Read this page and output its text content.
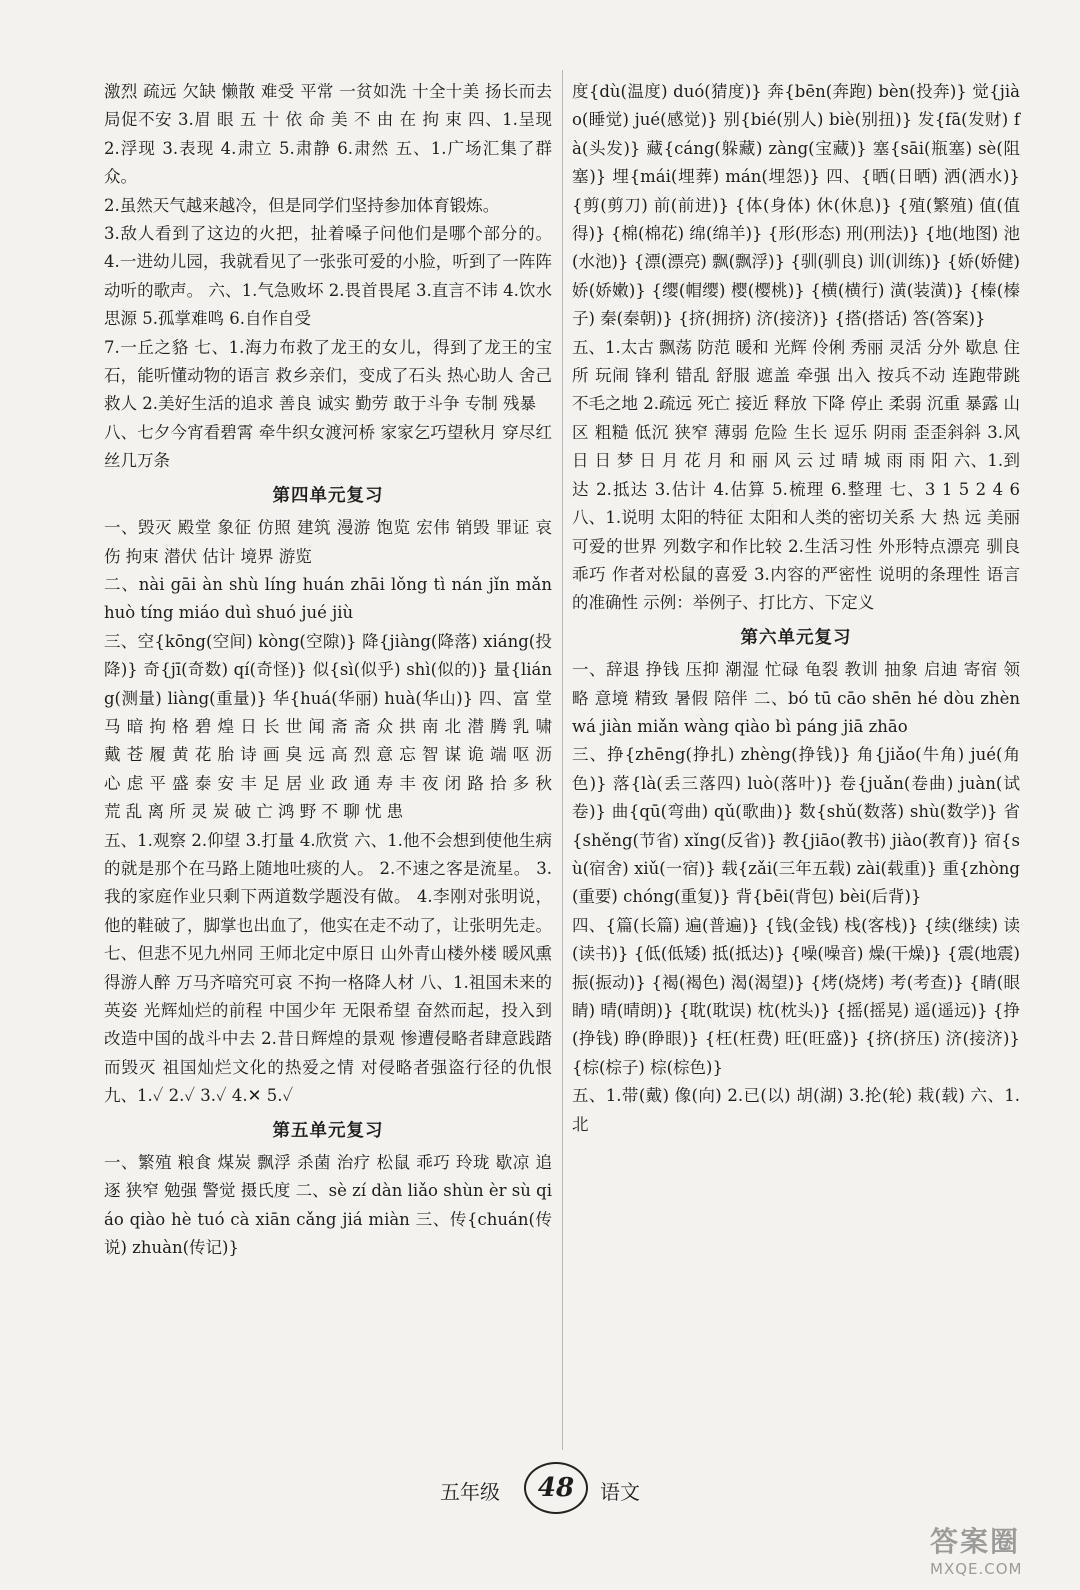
激烈 疏远 欠缺 懒散 难受 平常 一贫如洗 十全十美 扬长而去 局促不安 3.眉 眼 五 十 依 命 美 不 由 在 拘 束 四、1.呈现 2.浮现 3.表现 4.肃立 5.肃静 6.肃然 五、1.广场汇集了群众。

2.虽然天气越来越冷，但是同学们坚持参加体育锻炼。

3.敌人看到了这边的火把，扯着嗓子问他们是哪个部分的。 4.一进幼儿园，我就看见了一张张可爱的小脸，听到了一阵阵动听的歌声。 六、1.气急败坏 2.畏首畏尾 3.直言不讳 4.饮水思源 5.孤掌难鸣 6.自作自受

7.一丘之貉 七、1.海力布救了龙王的女儿，得到了龙王的宝石，能听懂动物的语言 救乡亲们，变成了石头 热心助人 舍己救人 2.美好生活的追求 善良 诚实 勤劳 敢于斗争 专制 残暴

八、七夕今宵看碧霄 牵牛织女渡河桥 家家乞巧望秋月 穿尽红丝几万条

第四单元复习

一、毁灭 殿堂 象征 仿照 建筑 漫游 饱览 宏伟 销毁 罪证 哀伤 拘束 潜伏 估计 境界 游览

二、nài gāi àn shù líng huán zhāi lǒng tì nán jǐn mǎn huò tíng miáo duì shuó jué jiù

三、空{kōng(空间) kòng(空隙)} 降{jiàng(降落) xiáng(投降)} 奇{jī(奇数) qí(奇怪)} 似{sì(似乎) shì(似的)} 量{liáng(测量) liàng(重量)} 华{huá(华丽) huà(华山)} 四、富 堂 马 暗 拘 格 碧 煌 日 长 世 闻 斋 斋 众 拱 南 北 潜 腾 乳 啸 戴 苍 履 黄 花 胎 诗 画 臭 远 高 烈 意 忘 智 谋 诡 端 呕 沥 心 虑 平 盛 泰 安 丰 足 居 业 政 通 寿 丰 夜 闭 路 拾 多 秋 荒 乱 离 所 灵 炭 破 亡 鸿 野 不 聊 忧 患

五、1.观察 2.仰望 3.打量 4.欣赏 六、1.他不会想到使他生病的就是那个在马路上随地吐痰的人。 2.不速之客是流星。 3.我的家庭作业只剩下两道数学题没有做。 4.李刚对张明说，他的鞋破了，脚掌也出血了，他实在走不动了，让张明先走。 七、但悲不见九州同 王师北定中原日 山外青山楼外楼 暖风熏得游人醉 万马齐喑究可哀 不拘一格降人材 八、1.祖国未来的英姿 光辉灿烂的前程 中国少年 无限希望 奋然而起，投入到改造中国的战斗中去 2.昔日辉煌的景观 惨遭侵略者肆意践踏而毁灭 祖国灿烂文化的热爱之情 对侵略者强盗行径的仇恨 九、1.✓ 2.✓ 3.✓ 4.✕ 5.✓

第五单元复习

一、繁殖 粮食 煤炭 飘浮 杀菌 治疗 松鼠 乖巧 玲珑 歇凉 追逐 狭窄 勉强 警觉 摄氏度 二、sè zí dàn liǎo shùn èr sù qiáo qiào hè tuó cà xiān cǎng jiá miàn 三、传{chuán(传说) zhuàn(传记)}

度{dù(温度) duó(猜度)} 奔{bēn(奔跑) bèn(投奔)} 觉{jiào(睡觉) jué(感觉)} 别{bié(别人) biè(别扭)} 发{fā(发财) fà(头发)} 藏{cáng(躲藏) zàng(宝藏)} 塞{sāi(瓶塞) sè(阻塞)} 埋{mái(埋葬) mán(埋怨)} 四、{晒(日晒) 洒(洒水)} {剪(剪刀) 前(前进)} {体(身体) 休(休息)} {殖(繁殖) 值(值得)} {棉(棉花) 绵(绵羊)} {形(形态) 刑(刑法)} {地(地图) 池(水池)} {漂(漂亮) 飘(飘浮)} {驯(驯良) 训(训练)} {娇(娇健) 娇(娇嫩)} {缨(帽缨) 樱(樱桃)} {横(横行) 潢(装潢)} {榛(榛子) 秦(秦朝)} {挤(拥挤) 济(接济)} {搭(搭话) 答(答案)}

五、1.太古 飘荡 防范 暖和 光辉 伶俐 秀丽 灵活 分外 歇息 住所 玩闹 锋利 错乱 舒服 遮盖 牵强 出入 按兵不动 连跑带跳 不毛之地 2.疏远 死亡 接近 释放 下降 停止 柔弱 沉重 暴露 山区 粗糙 低沉 狭窄 薄弱 危险 生长 逗乐 阴雨 歪歪斜斜 3.风 日 日 梦 日 月 花 月 和 丽 风 云 过 晴 城 雨 雨 阳 六、1.到达 2.抵达 3.估计 4.估算 5.梳理 6.整理 七、3 1 5 2 4 6 八、1.说明 太阳的特征 太阳和人类的密切关系 大 热 远 美丽可爱的世界 列数字和作比较 2.生活习性 外形特点漂亮 驯良 乖巧 作者对松鼠的喜爱 3.内容的严密性 说明的条理性 语言的准确性 示例：举例子、打比方、下定义

第六单元复习

一、辞退 挣钱 压抑 潮湿 忙碌 龟裂 教训 抽象 启迪 寄宿 领略 意境 精致 暑假 陪伴 二、bó tū cāo shēn hé dòu zhèn wá jiàn miǎn wàng qiào bì páng jiā zhāo

三、挣{zhēng(挣扎) zhèng(挣钱)} 角{jiǎo(牛角) jué(角色)} 落{là(丢三落四) luò(落叶)} 卷{juǎn(卷曲) juàn(试卷)} 曲{qū(弯曲) qǔ(歌曲)} 数{shǔ(数落) shù(数学)} 省{shěng(节省) xǐng(反省)} 教{jiāo(教书) jiào(教育)} 宿{sù(宿舍) xiǔ(一宿)} 载{zǎi(三年五载) zài(载重)} 重{zhòng(重要) chóng(重复)} 背{bēi(背包) bèi(后背)}

四、{篇(长篇) 遍(普遍)} {钱(金钱) 栈(客栈)} {续(继续) 读(读书)} {低(低矮) 抵(抵达)} {噪(噪音) 燥(干燥)} {震(地震) 振(振动)} {褐(褐色) 渴(渴望)} {烤(烧烤) 考(考查)} {睛(眼睛) 晴(晴朗)} {耽(耽误) 枕(枕头)} {摇(摇晃) 遥(遥远)} {挣(挣钱) 睁(睁眼)} {枉(枉费) 旺(旺盛)} {挤(挤压) 济(接济)} {棕(棕子) 棕(棕色)}

五、1.带(戴) 像(向) 2.已(以) 胡(湖) 3.抡(轮) 栽(载) 六、1.北

五年级	48	语文
答案圈
MXQE.COM
